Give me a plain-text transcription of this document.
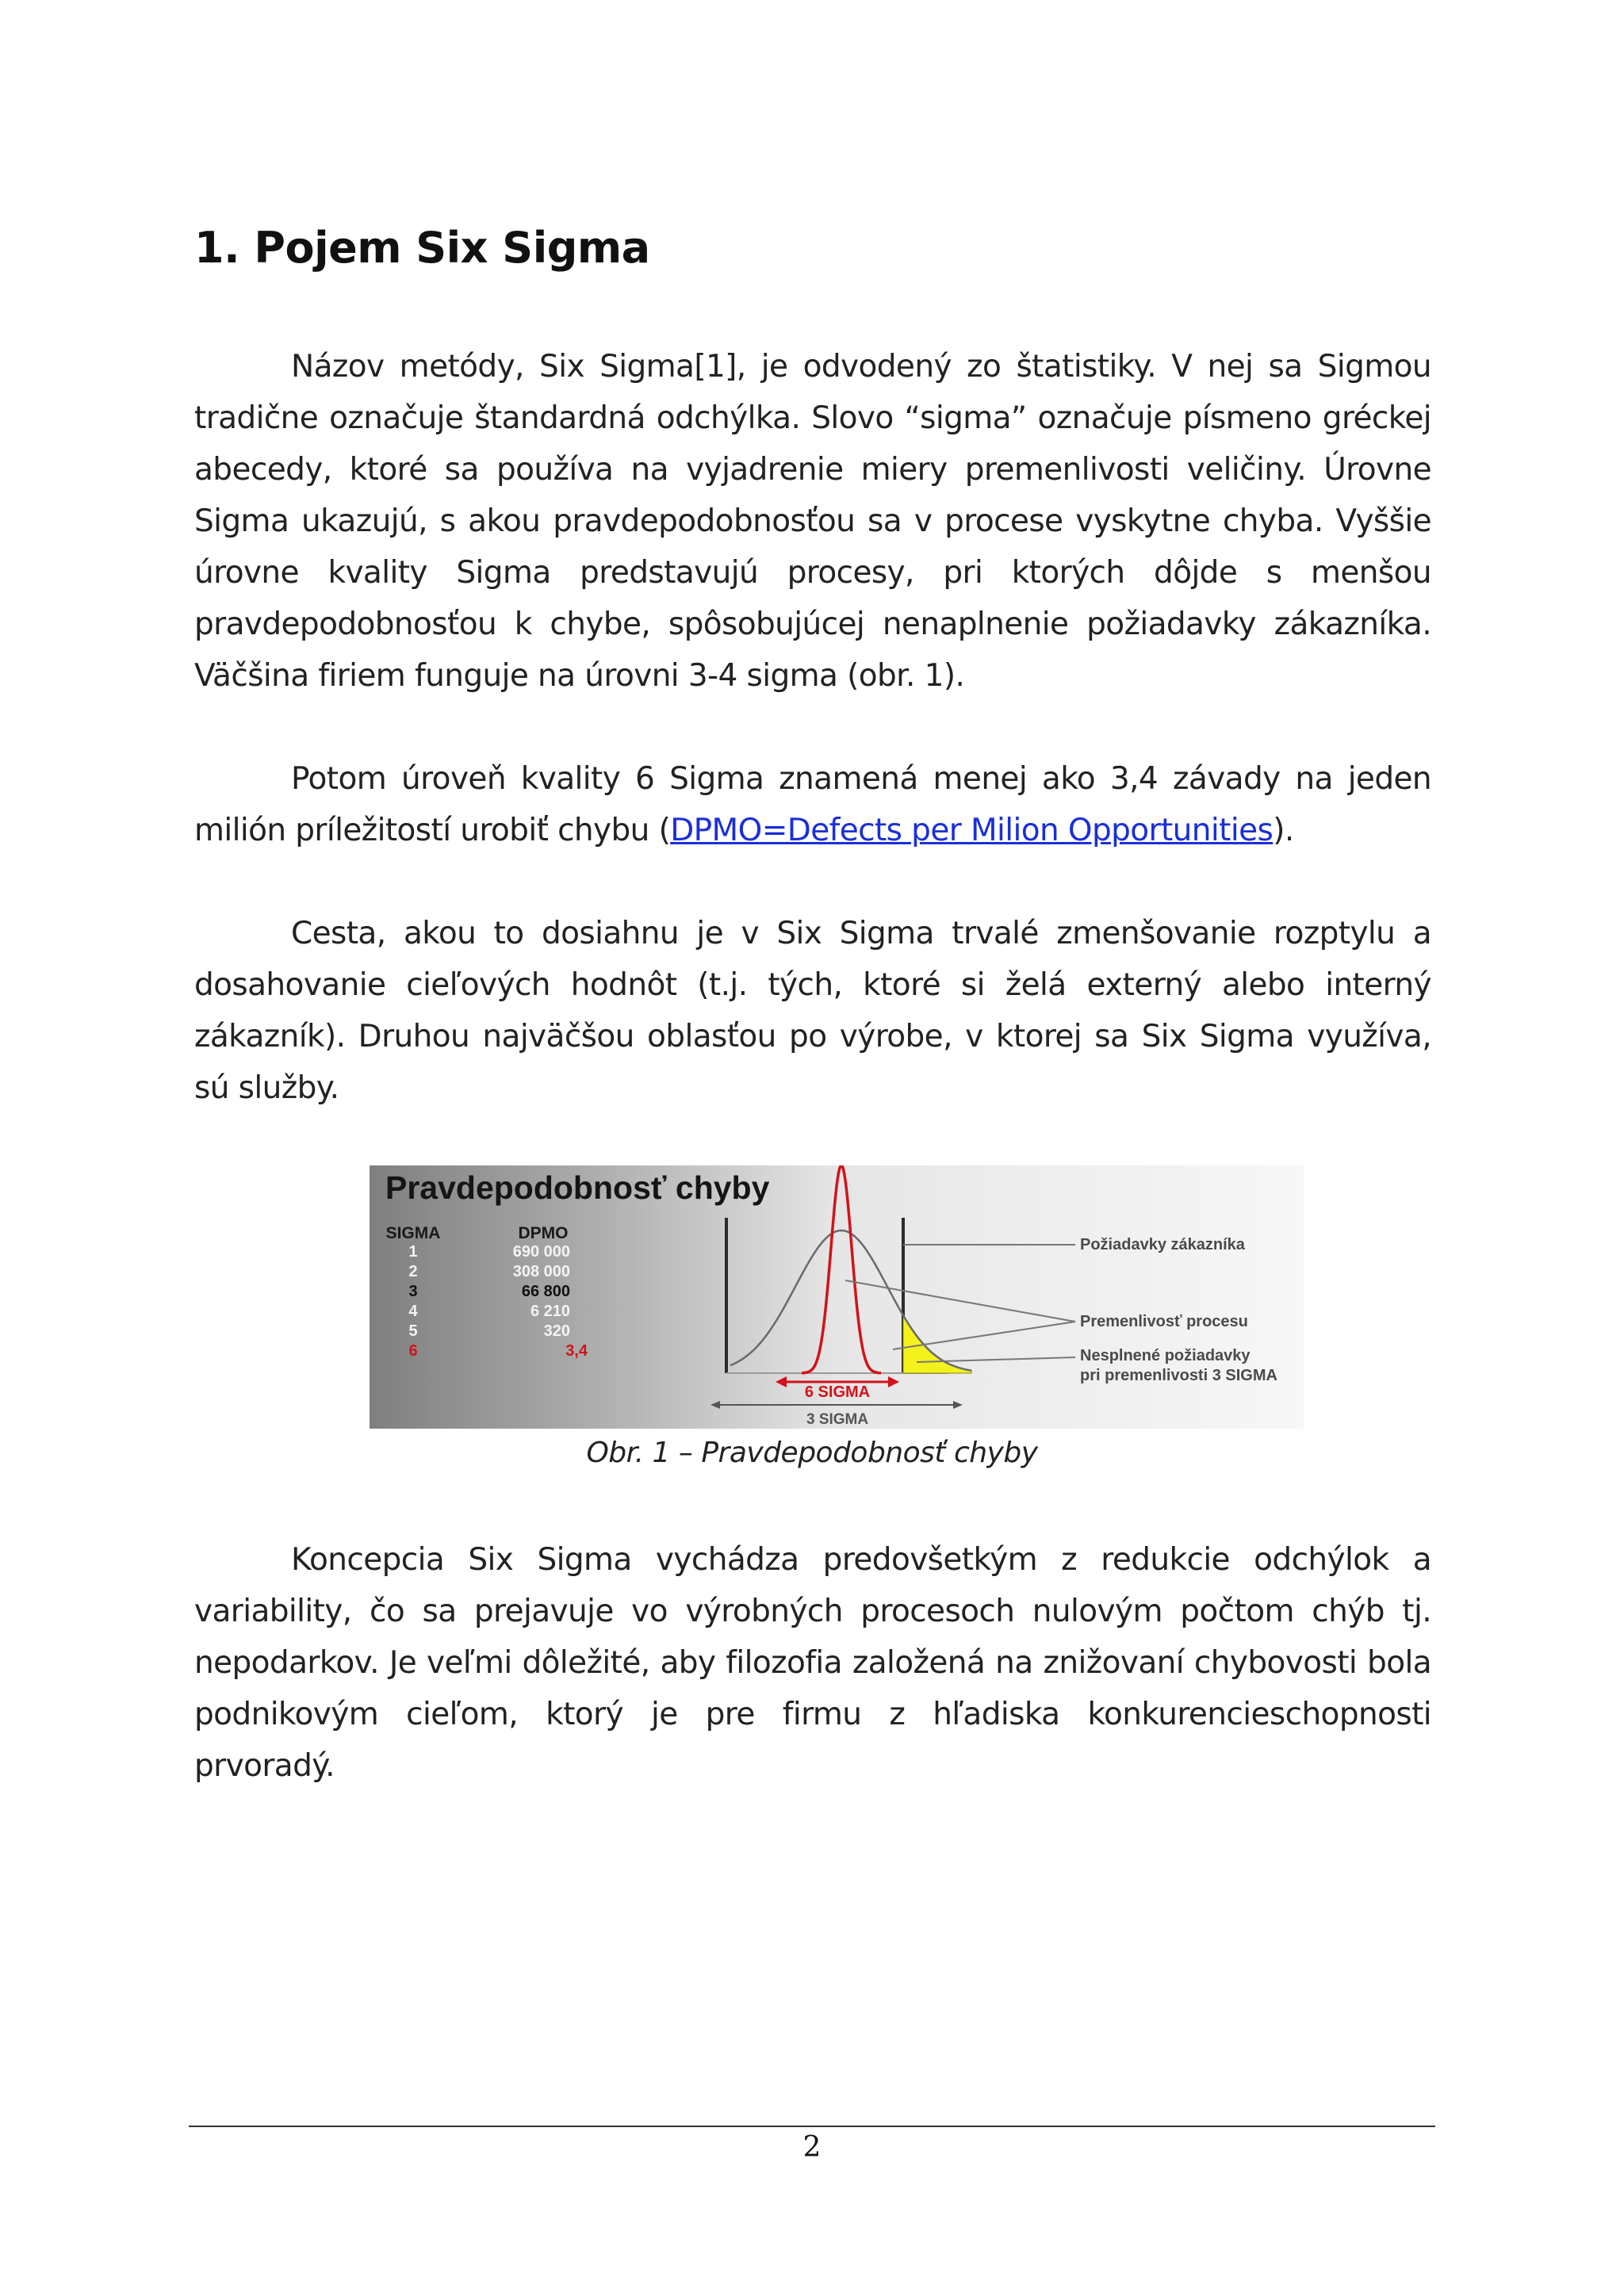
1. Pojem Six Sigma

Názov metódy, Six Sigma[1], je odvodený zo štatistiky. V nej sa Sigmou tradične označuje štandardná odchýlka. Slovo “sigma” označuje písmeno gréckej abecedy, ktoré sa používa na vyjadrenie miery premenlivosti veličiny. Úrovne Sigma ukazujú, s akou pravdepodobnosťou sa v procese vyskytne chyba. Vyššie úrovne kvality Sigma predstavujú procesy, pri ktorých dôjde s menšou pravdepodobnosťou k chybe, spôsobujúcej nenaplnenie požiadavky zákazníka. Väčšina firiem funguje na úrovni 3-4 sigma (obr. 1).

Potom úroveň kvality 6 Sigma znamená menej ako 3,4 závady na jeden milión príležitostí urobiť chybu (DPMO=Defects per Milion Opportunities).

Cesta, akou to dosiahnu je v Six Sigma trvalé zmenšovanie rozptylu a dosahovanie cieľových hodnôt (t.j. tých, ktoré si želá externý alebo interný zákazník). Druhou najväčšou oblasťou po výrobe, v ktorej sa Six Sigma využíva, sú služby.

Pravdepodobnosť chyby
SIGMA	DPMO
1	690 000
2	308 000
3	66 800
4	6 210
5	320
6	3,4
Požiadavky zákazníka
Premenlivosť procesu
Nesplnené požiadavky
pri premenlivosti 3 SIGMA
6 SIGMA
3 SIGMA
Obr. 1 – Pravdepodobnosť chyby

Koncepcia Six Sigma vychádza predovšetkým z redukcie odchýlok a variability, čo sa prejavuje vo výrobných procesoch nulovým počtom chýb tj. nepodarkov. Je veľmi dôležité, aby filozofia založená na znižovaní chybovosti bola podnikovým cieľom, ktorý je pre firmu z hľadiska konkurencieschopnosti prvoradý.

2
